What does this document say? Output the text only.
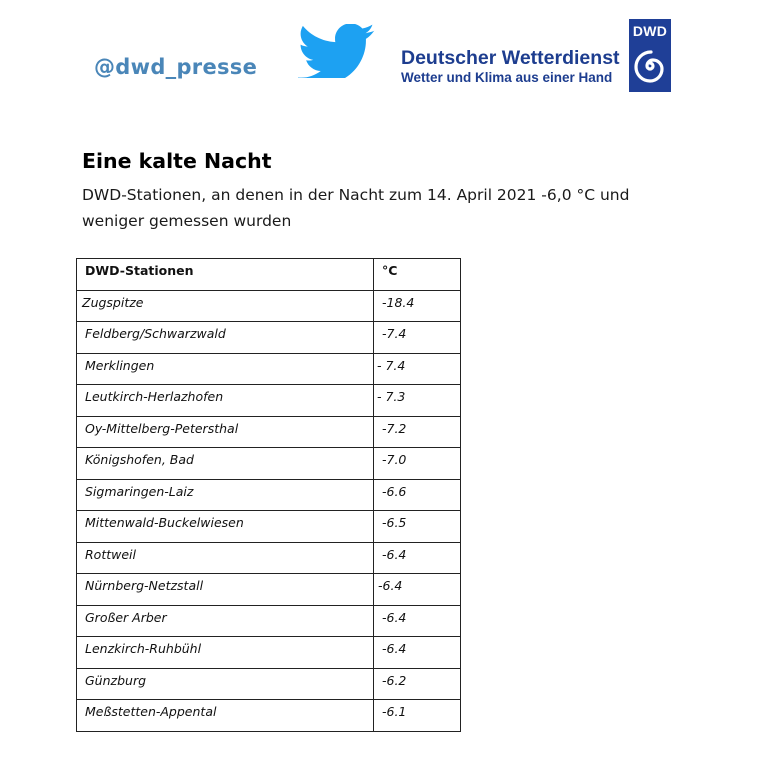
@dwd_presse	Deutscher Wetterdienst
Wetter und Klima aus einer Hand
DWD
Eine kalte Nacht
DWD-Stationen, an denen in der Nacht zum 14. April 2021 -6,0 °C und weniger gemessen wurden
DWD-Stationen	°C
Zugspitze	-18.4
Feldberg/Schwarzwald	-7.4
Merklingen	- 7.4
Leutkirch-Herlazhofen	- 7.3
Oy-Mittelberg-Petersthal	-7.2
Königshofen, Bad	-7.0
Sigmaringen-Laiz	-6.6
Mittenwald-Buckelwiesen	-6.5
Rottweil	-6.4
Nürnberg-Netzstall	-6.4
Großer Arber	-6.4
Lenzkirch-Ruhbühl	-6.4
Günzburg	-6.2
Meßstetten-Appental	-6.1
